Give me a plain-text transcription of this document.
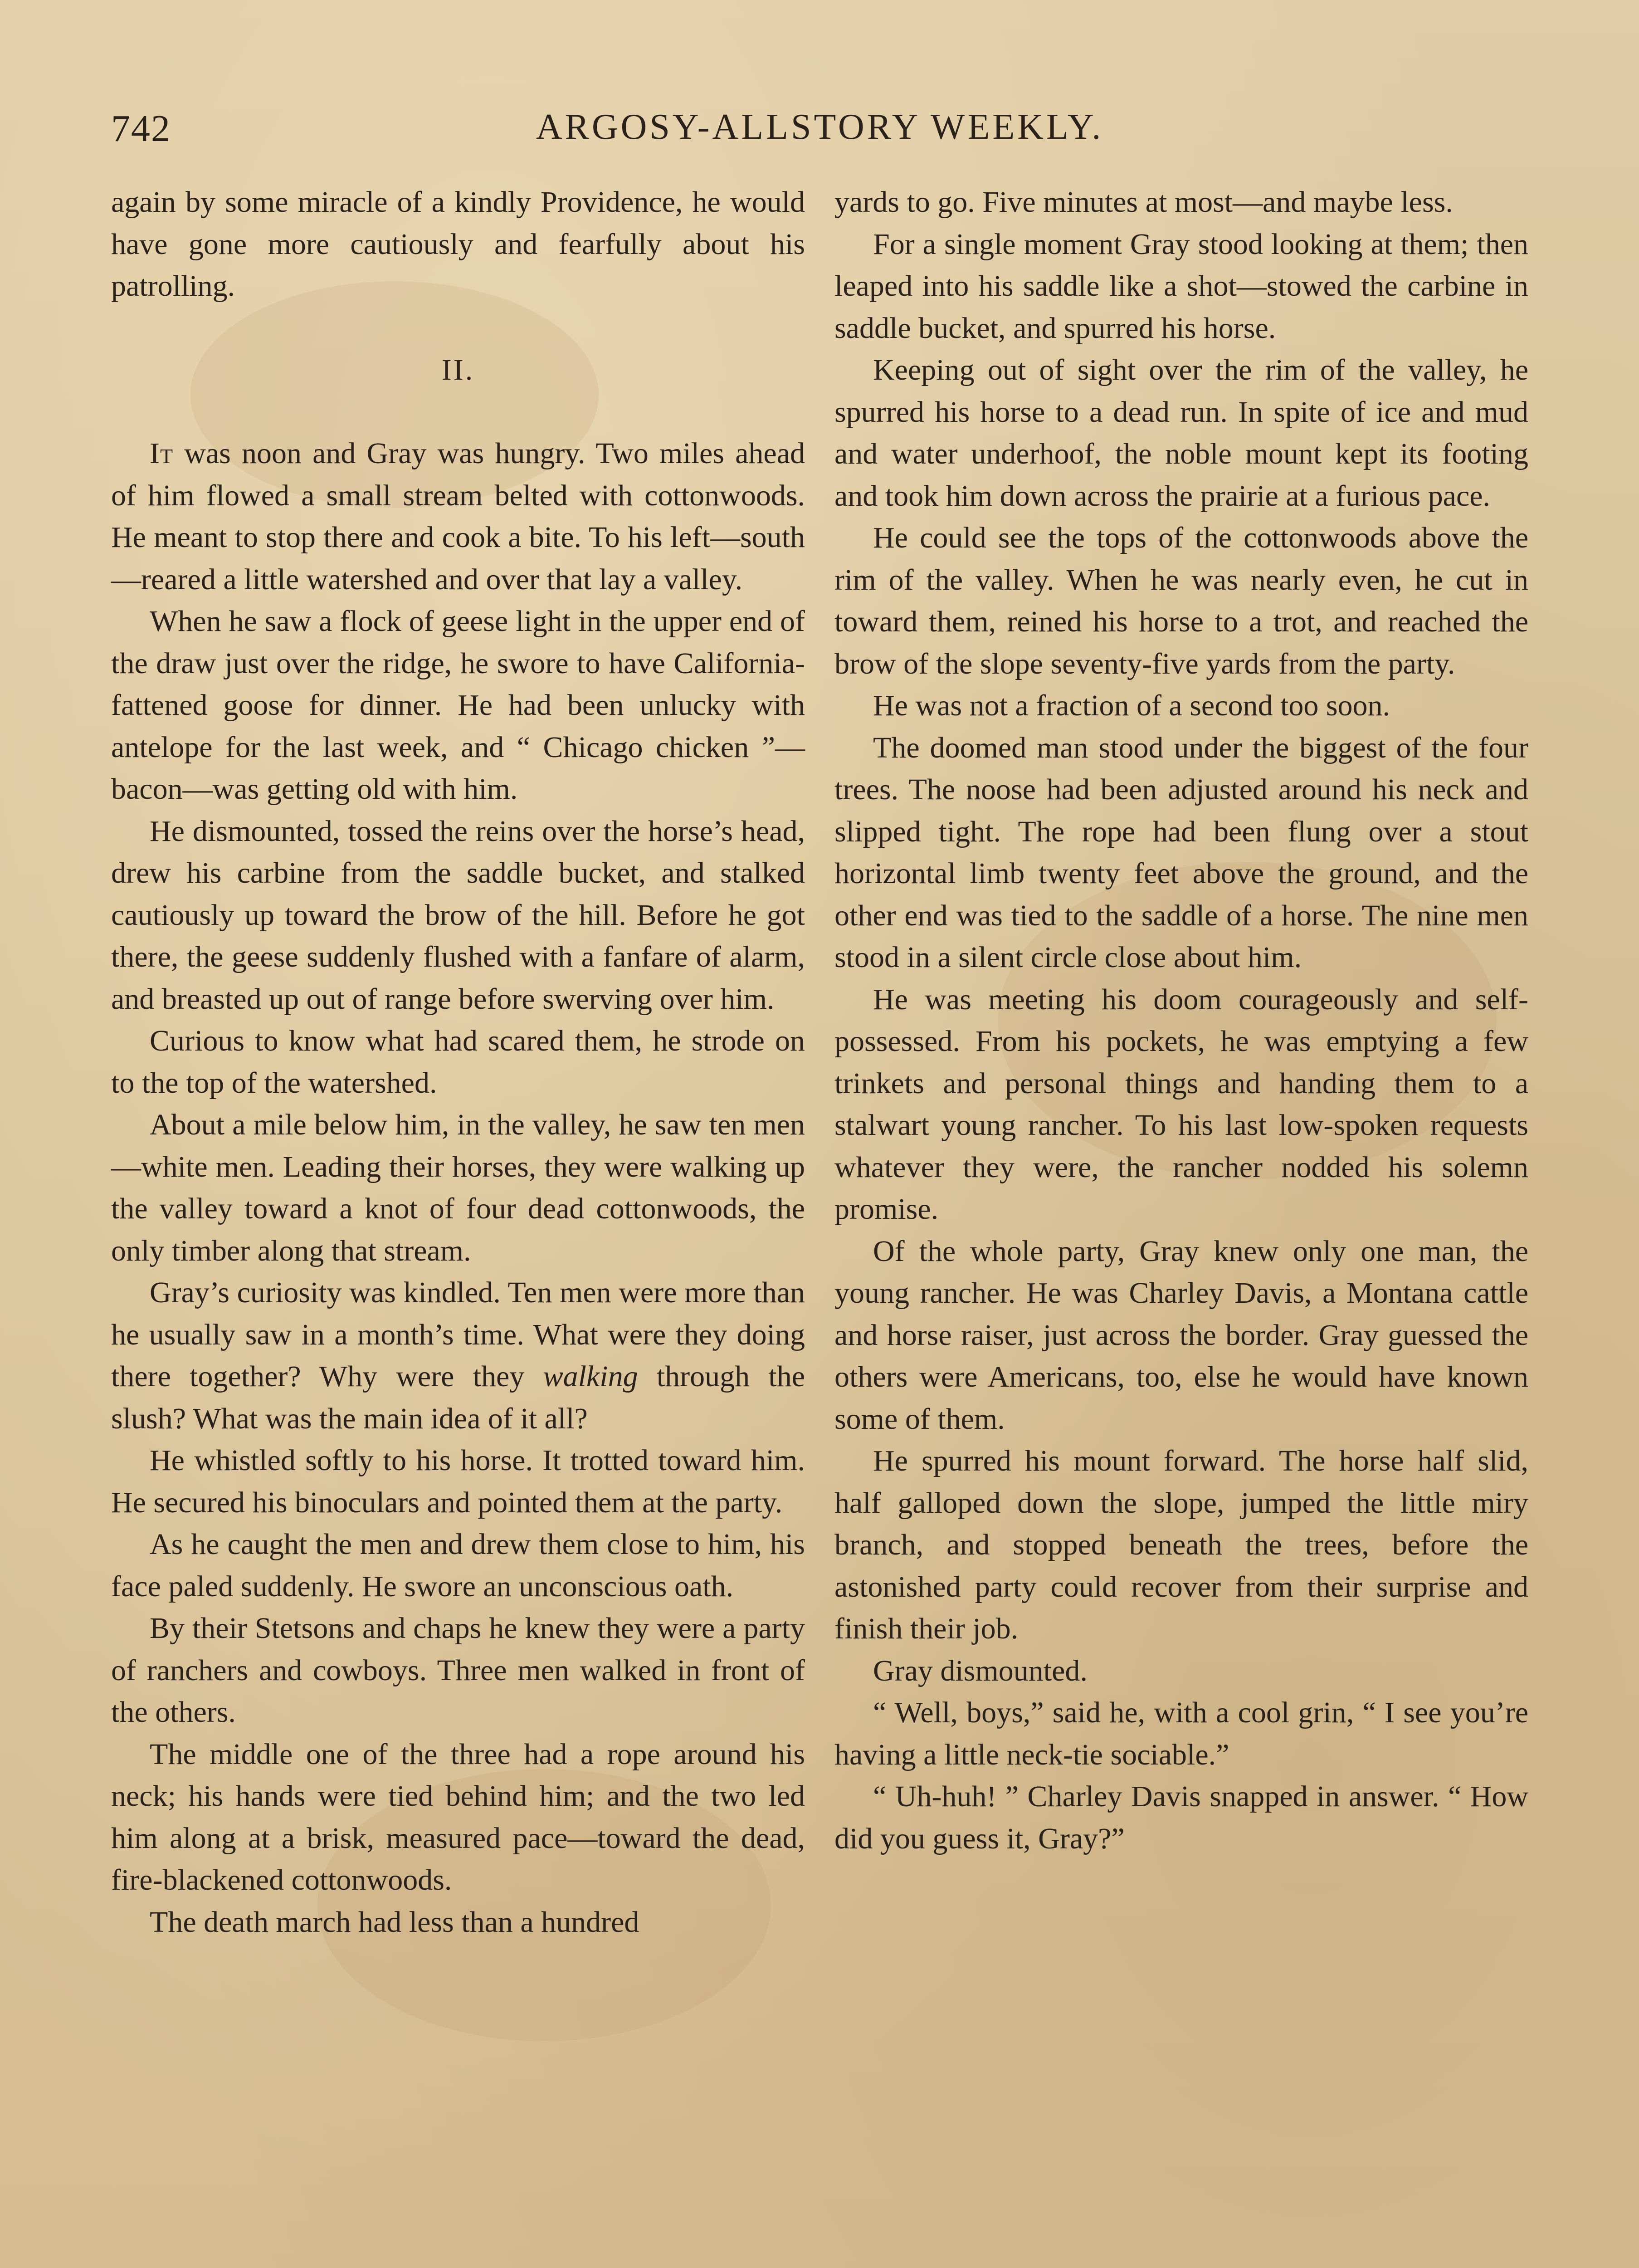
742	ARGOSY-ALLSTORY WEEKLY.

again by some miracle of a kindly Providence, he would have gone more cautiously and fearfully about his patrolling.

II.

It was noon and Gray was hungry. Two miles ahead of him flowed a small stream belted with cottonwoods. He meant to stop there and cook a bite. To his left—south—reared a little watershed and over that lay a valley.

When he saw a flock of geese light in the upper end of the draw just over the ridge, he swore to have California-fattened goose for dinner. He had been unlucky with antelope for the last week, and “ Chicago chicken ”—bacon—was getting old with him.

He dismounted, tossed the reins over the horse’s head, drew his carbine from the saddle bucket, and stalked cautiously up toward the brow of the hill. Before he got there, the geese suddenly flushed with a fanfare of alarm, and breasted up out of range before swerving over him.

Curious to know what had scared them, he strode on to the top of the watershed.

About a mile below him, in the valley, he saw ten men—white men. Leading their horses, they were walking up the valley toward a knot of four dead cottonwoods, the only timber along that stream.

Gray’s curiosity was kindled. Ten men were more than he usually saw in a month’s time. What were they doing there together? Why were they walking through the slush? What was the main idea of it all?

He whistled softly to his horse. It trotted toward him. He secured his binoculars and pointed them at the party.

As he caught the men and drew them close to him, his face paled suddenly. He swore an unconscious oath.

By their Stetsons and chaps he knew they were a party of ranchers and cowboys. Three men walked in front of the others.

The middle one of the three had a rope around his neck; his hands were tied behind him; and the two led him along at a brisk, measured pace—toward the dead, fire-blackened cottonwoods.

The death march had less than a hundred

yards to go. Five minutes at most—and maybe less.

For a single moment Gray stood looking at them; then leaped into his saddle like a shot—stowed the carbine in saddle bucket, and spurred his horse.

Keeping out of sight over the rim of the valley, he spurred his horse to a dead run. In spite of ice and mud and water underhoof, the noble mount kept its footing and took him down across the prairie at a furious pace.

He could see the tops of the cottonwoods above the rim of the valley. When he was nearly even, he cut in toward them, reined his horse to a trot, and reached the brow of the slope seventy-five yards from the party.

He was not a fraction of a second too soon.

The doomed man stood under the biggest of the four trees. The noose had been adjusted around his neck and slipped tight. The rope had been flung over a stout horizontal limb twenty feet above the ground, and the other end was tied to the saddle of a horse. The nine men stood in a silent circle close about him.

He was meeting his doom courageously and self-possessed. From his pockets, he was emptying a few trinkets and personal things and handing them to a stalwart young rancher. To his last low-spoken requests whatever they were, the rancher nodded his solemn promise.

Of the whole party, Gray knew only one man, the young rancher. He was Charley Davis, a Montana cattle and horse raiser, just across the border. Gray guessed the others were Americans, too, else he would have known some of them.

He spurred his mount forward. The horse half slid, half galloped down the slope, jumped the little miry branch, and stopped beneath the trees, before the astonished party could recover from their surprise and finish their job.

Gray dismounted.

“ Well, boys,” said he, with a cool grin, “ I see you’re having a little neck-tie sociable.”

“ Uh-huh! ” Charley Davis snapped in answer. “ How did you guess it, Gray?”
